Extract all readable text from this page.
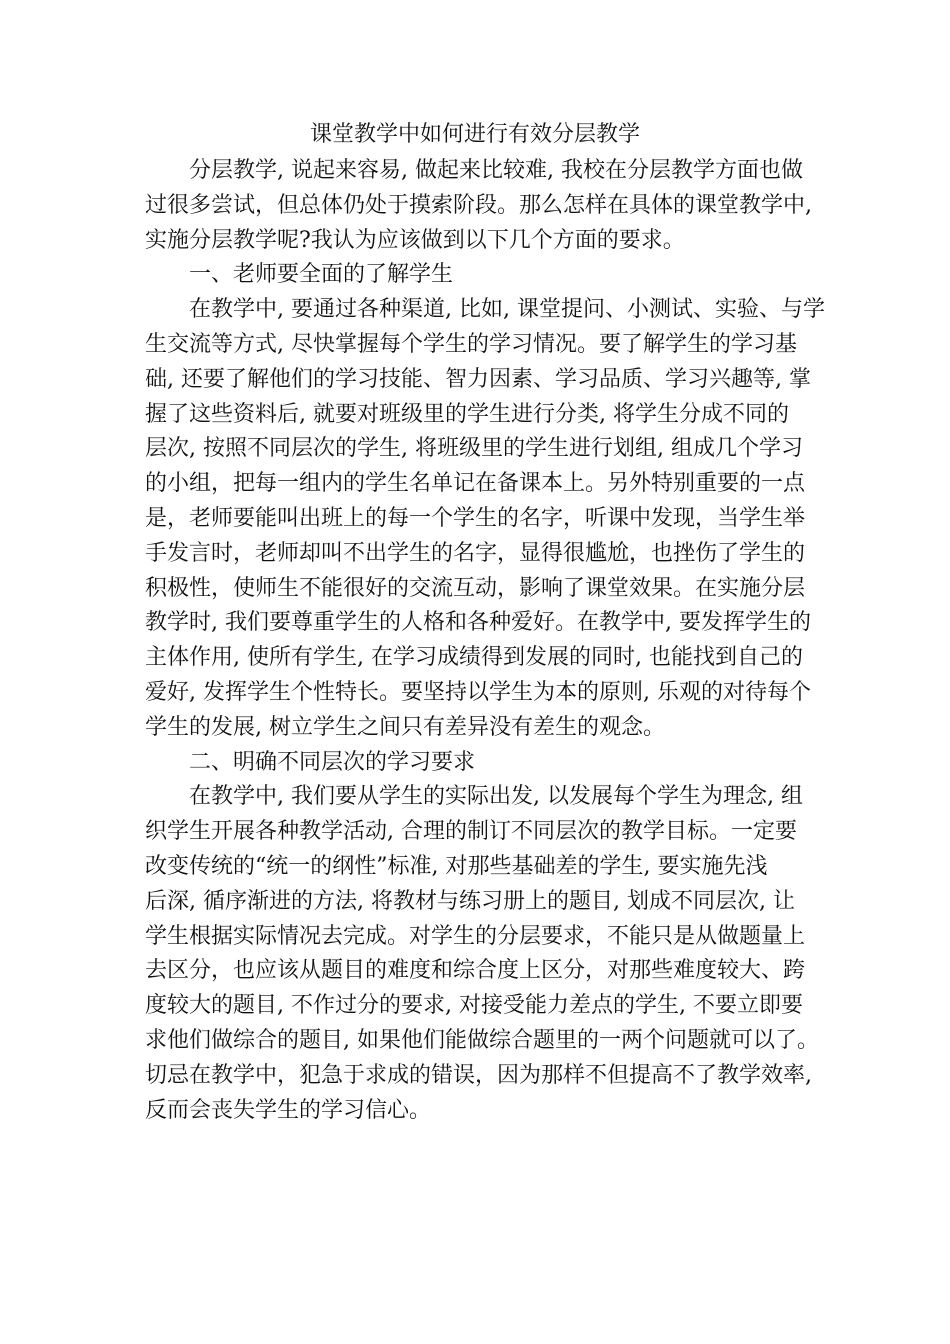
课堂教学中如何进行有效分层教学
分层教学, 说起来容易, 做起来比较难, 我校在分层教学方面也做
过很多尝试，但总体仍处于摸索阶段。那么怎样在具体的课堂教学中,
实施分层教学呢?我认为应该做到以下几个方面的要求。
一、老师要全面的了解学生
在教学中, 要通过各种渠道, 比如, 课堂提问、小测试、实验、与学
生交流等方式, 尽快掌握每个学生的学习情况。要了解学生的学习基
础, 还要了解他们的学习技能、智力因素、学习品质、学习兴趣等, 掌
握了这些资料后, 就要对班级里的学生进行分类, 将学生分成不同的
层次, 按照不同层次的学生, 将班级里的学生进行划组, 组成几个学习
的小组，把每一组内的学生名单记在备课本上。另外特别重要的一点
是，老师要能叫出班上的每一个学生的名字，听课中发现，当学生举
手发言时，老师却叫不出学生的名字，显得很尴尬，也挫伤了学生的
积极性，使师生不能很好的交流互动，影响了课堂效果。在实施分层
教学时, 我们要尊重学生的人格和各种爱好。在教学中, 要发挥学生的
主体作用, 使所有学生, 在学习成绩得到发展的同时, 也能找到自己的
爱好, 发挥学生个性特长。要坚持以学生为本的原则, 乐观的对待每个
学生的发展, 树立学生之间只有差异没有差生的观念。
二、明确不同层次的学习要求
在教学中, 我们要从学生的实际出发, 以发展每个学生为理念, 组
织学生开展各种教学活动, 合理的制订不同层次的教学目标。一定要
改变传统的“统一的纲性”标准, 对那些基础差的学生, 要实施先浅
后深, 循序渐进的方法, 将教材与练习册上的题目, 划成不同层次, 让
学生根据实际情况去完成。对学生的分层要求，不能只是从做题量上
去区分，也应该从题目的难度和综合度上区分，对那些难度较大、跨
度较大的题目, 不作过分的要求, 对接受能力差点的学生, 不要立即要
求他们做综合的题目, 如果他们能做综合题里的一两个问题就可以了。
切忌在教学中，犯急于求成的错误，因为那样不但提高不了教学效率,
反而会丧失学生的学习信心。
